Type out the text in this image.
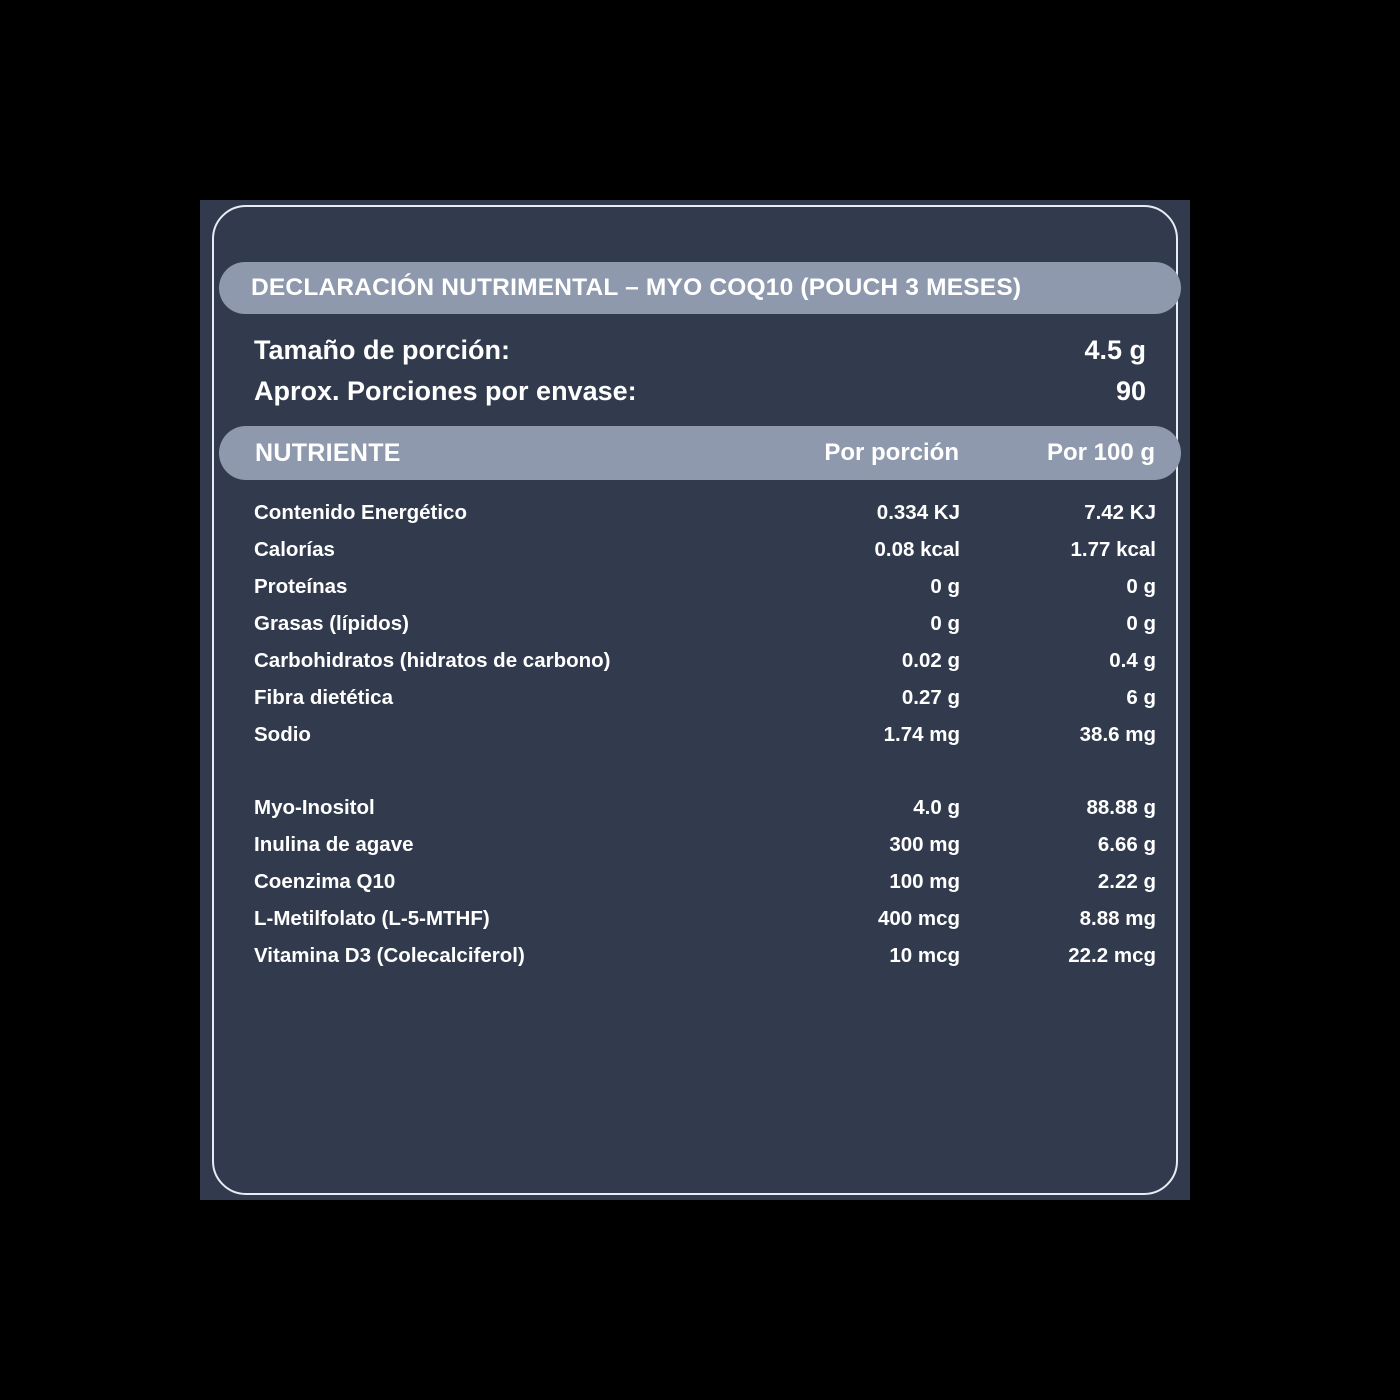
DECLARACIÓN NUTRIMENTAL – MYO COQ10 (POUCH 3 MESES)
Tamaño de porción:	4.5 g
Aprox. Porciones por envase:	90
NUTRIENTE	Por porción	Por 100 g
Contenido Energético	0.334 KJ	7.42 KJ
Calorías	0.08 kcal	1.77 kcal
Proteínas	0 g	0 g
Grasas (lípidos)	0 g	0 g
Carbohidratos (hidratos de carbono)	0.02 g	0.4 g
Fibra dietética	0.27 g	6 g
Sodio	1.74 mg	38.6 mg
Myo-Inositol	4.0 g	88.88 g
Inulina de agave	300 mg	6.66 g
Coenzima Q10	100 mg	2.22 g
L-Metilfolato (L-5-MTHF)	400 mcg	8.88 mg
Vitamina D3 (Colecalciferol)	10 mcg	22.2 mcg
